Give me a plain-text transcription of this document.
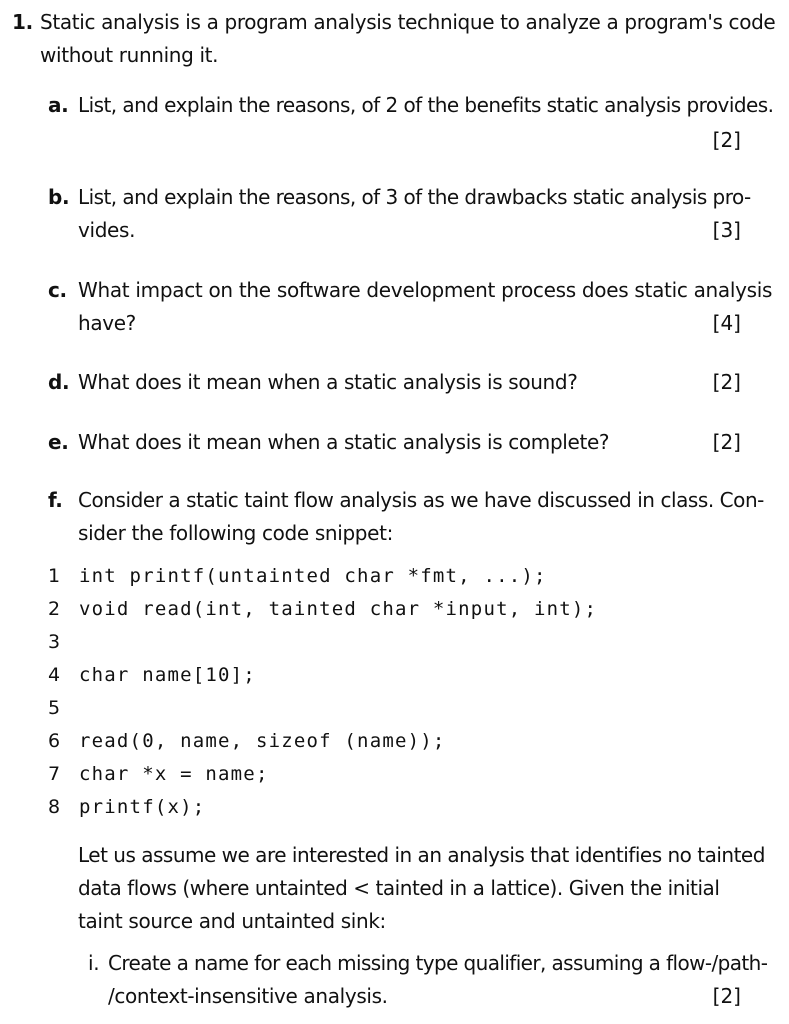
1. Static analysis is a program analysis technique to analyze a program's code
without running it.
a. List, and explain the reasons, of 2 of the benefits static analysis provides.
[2]
b. List, and explain the reasons, of 3 of the drawbacks static analysis pro-
vides.	[3]
c. What impact on the software development process does static analysis
have?	[4]
d. What does it mean when a static analysis is sound?	[2]
e. What does it mean when a static analysis is complete?	[2]
f. Consider a static taint flow analysis as we have discussed in class. Con-
sider the following code snippet:
1 int printf(untainted char *fmt, ...);
2 void read(int, tainted char *input, int);
3
4 char name[10];
5
6 read(0, name, sizeof (name));
7 char *x = name;
8 printf(x);
Let us assume we are interested in an analysis that identifies no tainted
data flows (where untainted < tainted in a lattice). Given the initial
taint source and untainted sink:
i. Create a name for each missing type qualifier, assuming a flow-/path-
/context-insensitive analysis.	[2]
